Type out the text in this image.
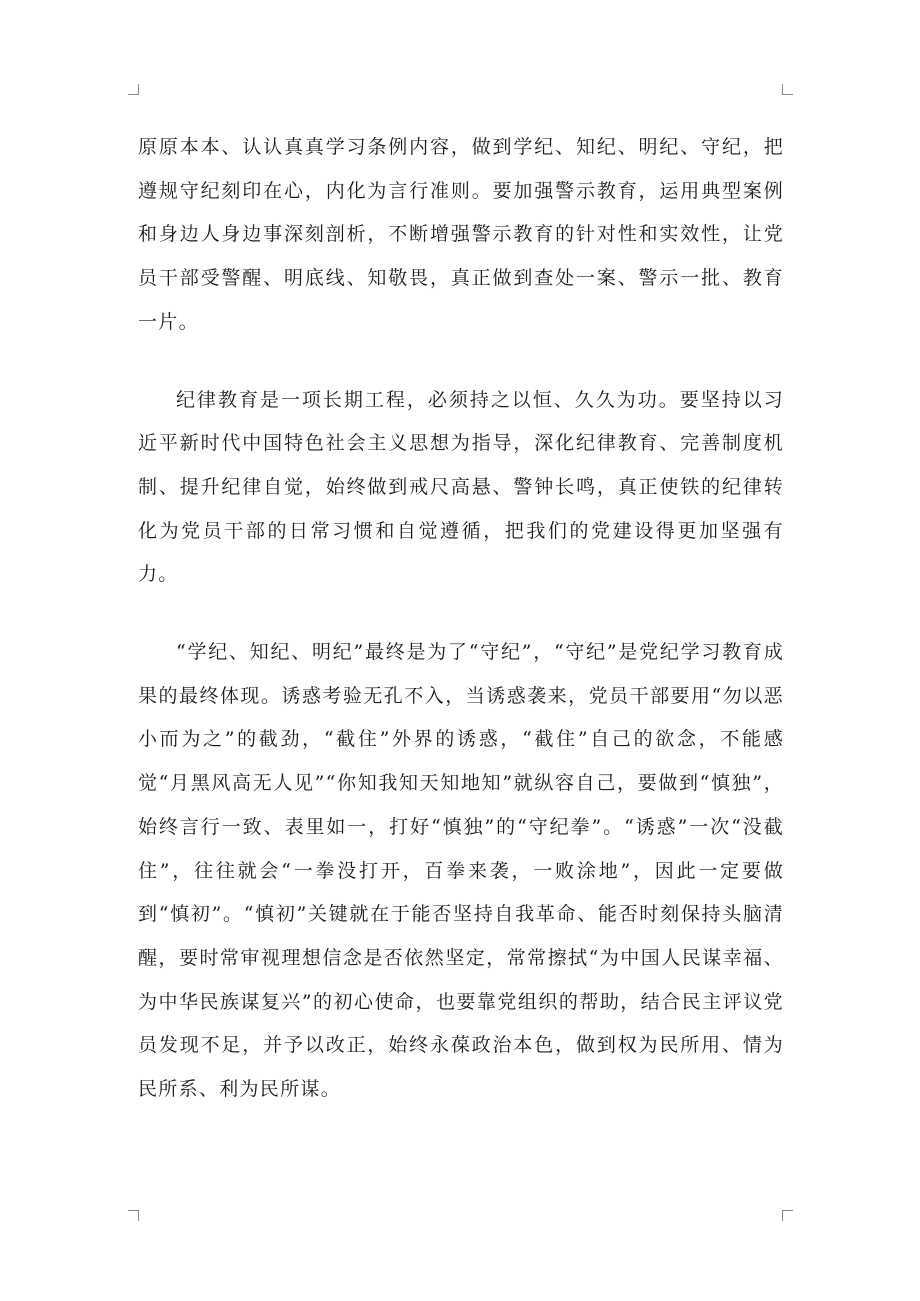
原原本本、认认真真学习条例内容，做到学纪、知纪、明纪、守纪，把遵规守纪刻印在心，内化为言行准则。要加强警示教育，运用典型案例和身边人身边事深刻剖析，不断增强警示教育的针对性和实效性，让党员干部受警醒、明底线、知敬畏，真正做到查处一案、警示一批、教育一片。

纪律教育是一项长期工程，必须持之以恒、久久为功。要坚持以习近平新时代中国特色社会主义思想为指导，深化纪律教育、完善制度机制、提升纪律自觉，始终做到戒尺高悬、警钟长鸣，真正使铁的纪律转化为党员干部的日常习惯和自觉遵循，把我们的党建设得更加坚强有力。

“学纪、知纪、明纪”最终是为了“守纪”，“守纪”是党纪学习教育成果的最终体现。诱惑考验无孔不入，当诱惑袭来，党员干部要用“勿以恶小而为之”的截劲，“截住”外界的诱惑，“截住”自己的欲念，不能感觉“月黑风高无人见”“你知我知天知地知”就纵容自己，要做到“慎独”，始终言行一致、表里如一，打好“慎独”的“守纪拳”。“诱惑”一次“没截住”，往往就会“一拳没打开，百拳来袭，一败涂地”，因此一定要做到“慎初”。“慎初”关键就在于能否坚持自我革命、能否时刻保持头脑清醒，要时常审视理想信念是否依然坚定，常常擦拭“为中国人民谋幸福、为中华民族谋复兴”的初心使命，也要靠党组织的帮助，结合民主评议党员发现不足，并予以改正，始终永葆政治本色，做到权为民所用、情为民所系、利为民所谋。
